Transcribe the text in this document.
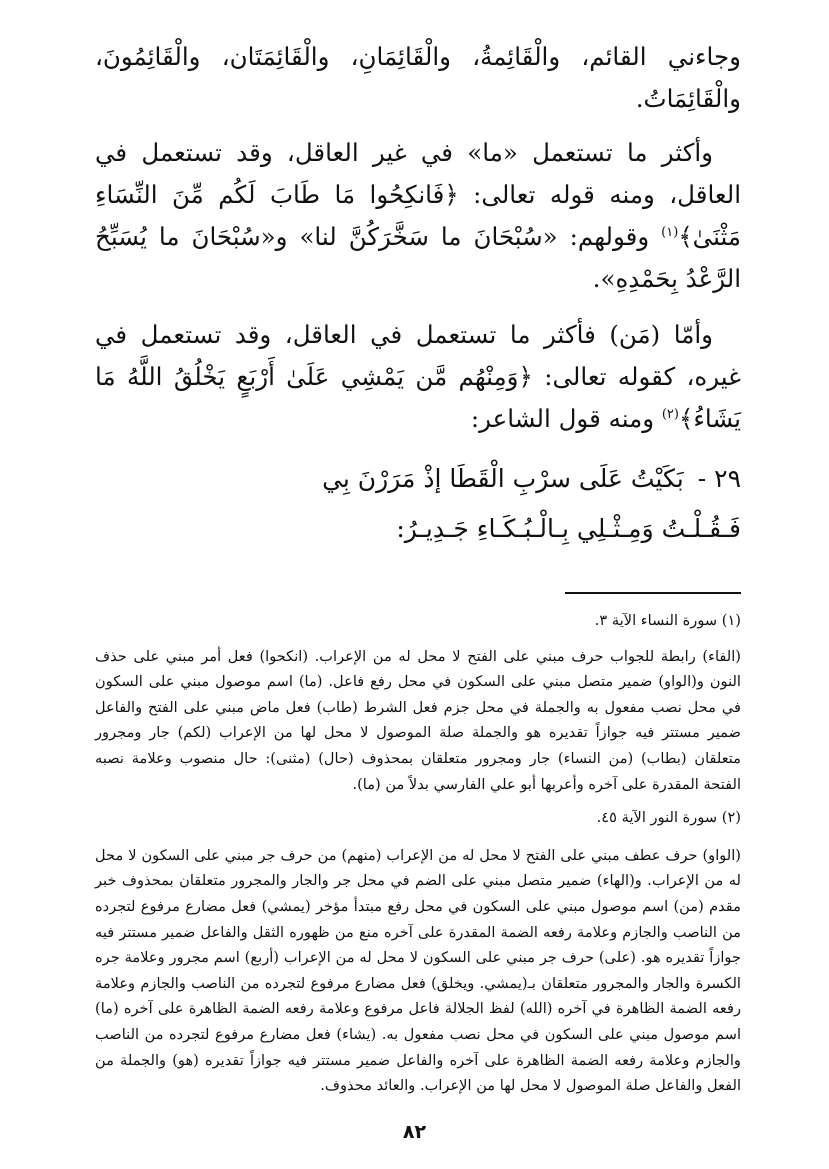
وجاءني القائم، والْقَائِمةُ، والْقَائِمَانِ، والْقَائِمَتَان، والْقَائِمُونَ، والْقَائِمَاتُ.

وأكثر ما تستعمل «ما» في غير العاقل، وقد تستعمل في العاقل، ومنه قوله تعالى: ﴿فَانكِحُوا مَا طَابَ لَكُم مِّنَ النِّسَاءِ مَثْنَىٰ﴾$^{(١)}$ وقولهم: «سُبْحَانَ ما سَخَّرَكُنَّ لنا» و«سُبْحَانَ ما يُسَبِّحُ الرَّعْدُ بِحَمْدِهِ».

وأمّا (مَن) فأكثر ما تستعمل في العاقل، وقد تستعمل في غيره، كقوله تعالى: ﴿وَمِنْهُم مَّن يَمْشِي عَلَىٰ أَرْبَعٍ يَخْلُقُ اللَّهُ مَا يَشَاءُ﴾$^{(٢)}$ ومنه قول الشاعر:

٢٩ -بَكَيْتُ عَلَى سرْبِ الْقَطَا إذْ مَرَرْنَ بِي
فَـقُـلْـتُ وَمِـثْـلِي بِـالْـبُـكَـاءِ جَـدِيـرُ:

(١) سورة النساء الآية ٣.

(الفاء) رابطة للجواب حرف مبني على الفتح لا محل له من الإعراب. (انكحوا) فعل أمر مبني على حذف النون و(الواو) ضمير متصل مبني على السكون في محل رفع فاعل. (ما) اسم موصول مبني على السكون في محل نصب مفعول به والجملة في محل جزم فعل الشرط (طاب) فعل ماض مبني على الفتح والفاعل ضمير مستتر فيه جوازاً تقديره هو والجملة صلة الموصول لا محل لها من الإعراب (لكم) جار ومجرور متعلقان (بطاب) (من النساء) جار ومجرور متعلقان بمحذوف (حال) (مثنى): حال منصوب وعلامة نصبه الفتحة المقدرة على آخره وأعربها أبو علي الفارسي بدلاً من (ما).

(٢) سورة النور الآية ٤٥.

(الواو) حرف عطف مبني على الفتح لا محل له من الإعراب (منهم) من حرف جر مبني على السكون لا محل له من الإعراب. و(الهاء) ضمير متصل مبني على الضم في محل جر والجار والمجرور متعلقان بمحذوف خبر مقدم (من) اسم موصول مبني على السكون في محل رفع مبتدأ مؤخر (يمشي) فعل مضارع مرفوع لتجرده من الناصب والجازم وعلامة رفعه الضمة المقدرة على آخره منع من ظهوره الثقل والفاعل ضمير مستتر فيه جوازاً تقديره هو. (على) حرف جر مبني على السكون لا محل له من الإعراب (أربع) اسم مجرور وعلامة جره الكسرة والجار والمجرور متعلقان بـ(يمشي. ويخلق) فعل مضارع مرفوع لتجرده من الناصب والجازم وعلامة رفعه الضمة الظاهرة في آخره (الله) لفظ الجلالة فاعل مرفوع وعلامة رفعه الضمة الظاهرة على آخره (ما) اسم موصول مبني على السكون في محل نصب مفعول به. (يشاء) فعل مضارع مرفوع لتجرده من الناصب والجازم وعلامة رفعه الضمة الظاهرة على آخره والفاعل ضمير مستتر فيه جوازاً تقديره (هو) والجملة من الفعل والفاعل صلة الموصول لا محل لها من الإعراب. والعائد محذوف.

٨٢
